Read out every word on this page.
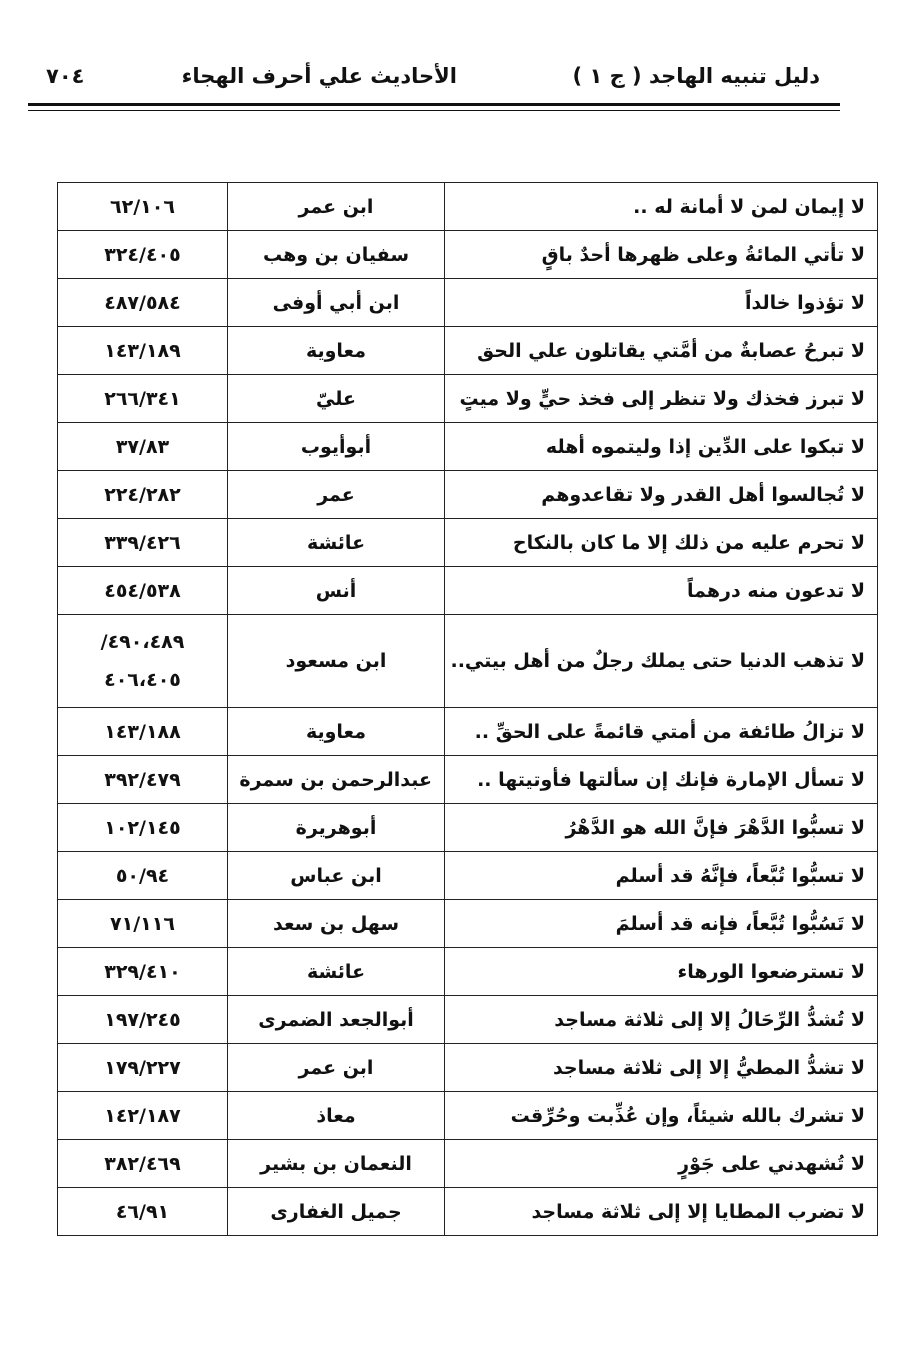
دليل تنبيه الهاجد ( ج ١ )
الأحاديث علي أحرف الهجاء
٧٠٤
لا إيمان لمن لا أمانة له ..	ابن عمر	٦٢/١٠٦
لا تأتي المائةُ وعلى ظهرها أحدٌ باقٍ	سفيان بن وهب	٣٢٤/٤٠٥
لا تؤذوا خالداً	ابن أبي أوفى	٤٨٧/٥٨٤
لا تبرحُ عصابةٌ من أمَّتي يقاتلون علي الحق	معاوية	١٤٣/١٨٩
لا تبرز فخذك ولا تنظر إلى فخذ حيٍّ ولا ميتٍ	عليّ	٢٦٦/٣٤١
لا تبكوا على الدِّين إذا وليتموه أهله	أبوأيوب	٣٧/٨٣
لا تُجالسوا أهل القدر ولا تقاعدوهم	عمر	٢٢٤/٢٨٢
لا تحرم عليه من ذلك إلا ما كان بالنكاح	عائشة	٣٣٩/٤٢٦
لا تدعون منه درهماً	أنس	٤٥٤/٥٣٨
لا تذهب الدنيا حتى يملك رجلٌ من أهل بيتي..	ابن مسعود	٤٩٠،٤٨٩/
٤٠٦،٤٠٥

لا تزالُ طائفة من أمتي قائمةً على الحقِّ ..	معاوية	١٤٣/١٨٨
لا تسأل الإمارة فإنك إن سألتها فأوتيتها ..	عبدالرحمن بن سمرة	٣٩٢/٤٧٩
لا تسبُّوا الدَّهْرَ فإنَّ الله هو الدَّهْرُ	أبوهريرة	١٠٢/١٤٥
لا تسبُّوا تُبَّعاً، فإنَّهُ قد أسلم	ابن عباس	٥٠/٩٤
لا تَسُبُّوا تُبَّعاً، فإنه قد أسلمَ	سهل بن سعد	٧١/١١٦
لا تسترضعوا الورهاء	عائشة	٣٢٩/٤١٠
لا تُشدُّ الرِّحَالُ إلا إلى ثلاثة مساجد	أبوالجعد الضمرى	١٩٧/٢٤٥
لا تشدُّ المطيُّ إلا إلى ثلاثة مساجد	ابن عمر	١٧٩/٢٢٧
لا تشرك بالله شيئاً، وإن عُذِّبت وحُرِّقت	معاذ	١٤٢/١٨٧
لا تُشهدني على جَوْرٍ	النعمان بن بشير	٣٨٢/٤٦٩
لا تضرب المطايا إلا إلى ثلاثة مساجد	جميل الغفارى	٤٦/٩١
